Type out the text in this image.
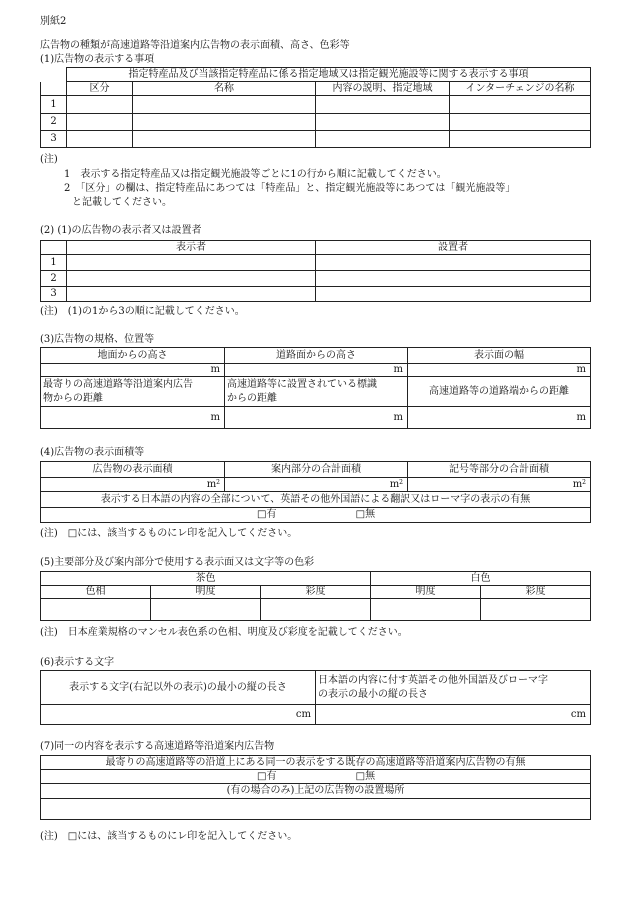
別紙2
広告物の種類が高速道路等沿道案内広告物の表示面積、高さ、色彩等
(1)広告物の表示する事項
	指定特産品及び当該指定特産品に係る指定地域又は指定観光施設等に関する表示する事項			
	区分	名称	内容の説明、指定地域	インターチェンジの名称
1				
2				
3				
(注)
1　表示する指定特産品又は指定観光施設等ごとに1の行から順に記載してください。
2　「区分」の欄は、指定特産品にあつては「特産品」と、指定観光施設等にあつては「観光施設等」
と記載してください。
(2) (1)の広告物の表示者又は設置者
	表示者	設置者
1		
2		
3		
(注)　(1)の1から3の順に記載してください。
(3)広告物の規格、位置等
地面からの高さ	道路面からの高さ	表示面の幅
m	m	m
最寄りの高速道路等沿道案内広告
物からの距離	高速道路等に設置されている標識
からの距離	高速道路等の道路端からの距離
m	m	m
(4)広告物の表示面積等
広告物の表示面積	案内部分の合計面積	記号等部分の合計面積
$m^2$	$m^2$	$m^2$
表示する日本語の内容の全部について、英語その他外国語による翻訳又はローマ字の表示の有無		
□有 □無		
(注)　□には、該当するものにレ印を記入してください。
(5)主要部分及び案内部分で使用する表示面又は文字等の色彩
茶色			白色	
色相	明度	彩度	明度	彩度

(注)　日本産業規格のマンセル表色系の色相、明度及び彩度を記載してください。
(6)表示する文字
表示する文字(右記以外の表示)の最小の縦の長さ	日本語の内容に付す英語その他外国語及びローマ字
の表示の最小の縦の長さ
cm	cm
(7)同一の内容を表示する高速道路等沿道案内広告物
最寄りの高速道路等の沿道上にある同一の表示をする既存の高速道路等沿道案内広告物の有無
□有	□無
(有の場合のみ)上記の広告物の設置場所

(注)　□には、該当するものにレ印を記入してください。
